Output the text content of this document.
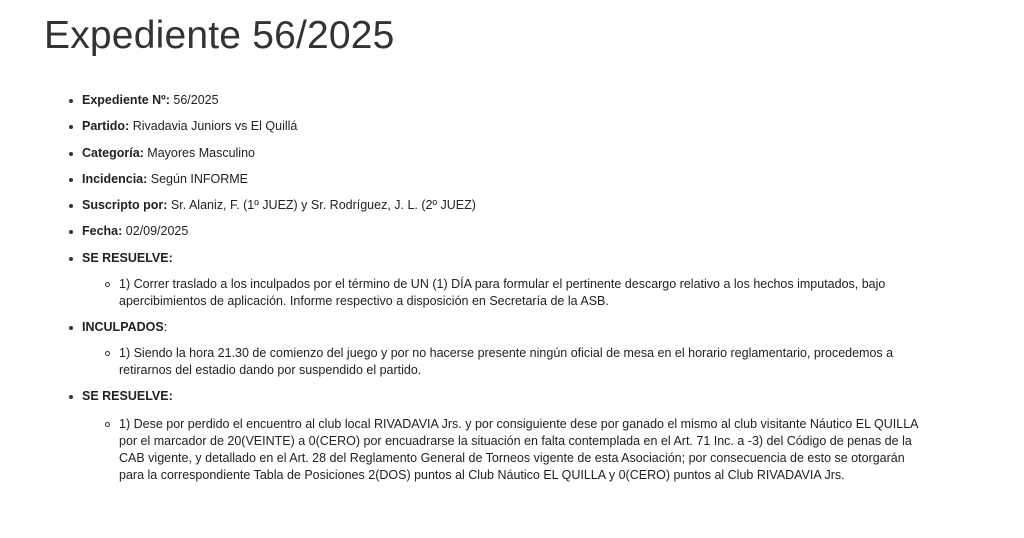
Expediente 56/2025
Expediente Nº: 56/2025
Partido: Rivadavia Juniors vs El Quillá
Categoría: Mayores Masculino
Incidencia: Según INFORME
Suscripto por: Sr. Alaniz, F. (1º JUEZ) y Sr. Rodríguez, J. L. (2º JUEZ)
Fecha: 02/09/2025
SE RESUELVE:
1) Correr traslado a los inculpados por el término de UN (1) DÍA para formular el pertinente descargo relativo a los hechos imputados, bajo apercibimientos de aplicación. Informe respectivo a disposición en Secretaría de la ASB.
INCULPADOS:
1) Siendo la hora 21.30 de comienzo del juego y por no hacerse presente ningún oficial de mesa en el horario reglamentario, procedemos a retirarnos del estadio dando por suspendido el partido.
SE RESUELVE:
1) Dese por perdido el encuentro al club local RIVADAVIA Jrs. y por consiguiente dese por ganado el mismo al club visitante Náutico EL QUILLA por el marcador de 20(VEINTE) a 0(CERO) por encuadrarse la situación en falta contemplada en el Art. 71 Inc. a -3) del Código de penas de la CAB vigente, y detallado en el Art. 28 del Reglamento General de Torneos vigente de esta Asociación; por consecuencia de esto se otorgarán para la correspondiente Tabla de Posiciones 2(DOS) puntos al Club Náutico EL QUILLA y 0(CERO) puntos al Club RIVADAVIA Jrs.
